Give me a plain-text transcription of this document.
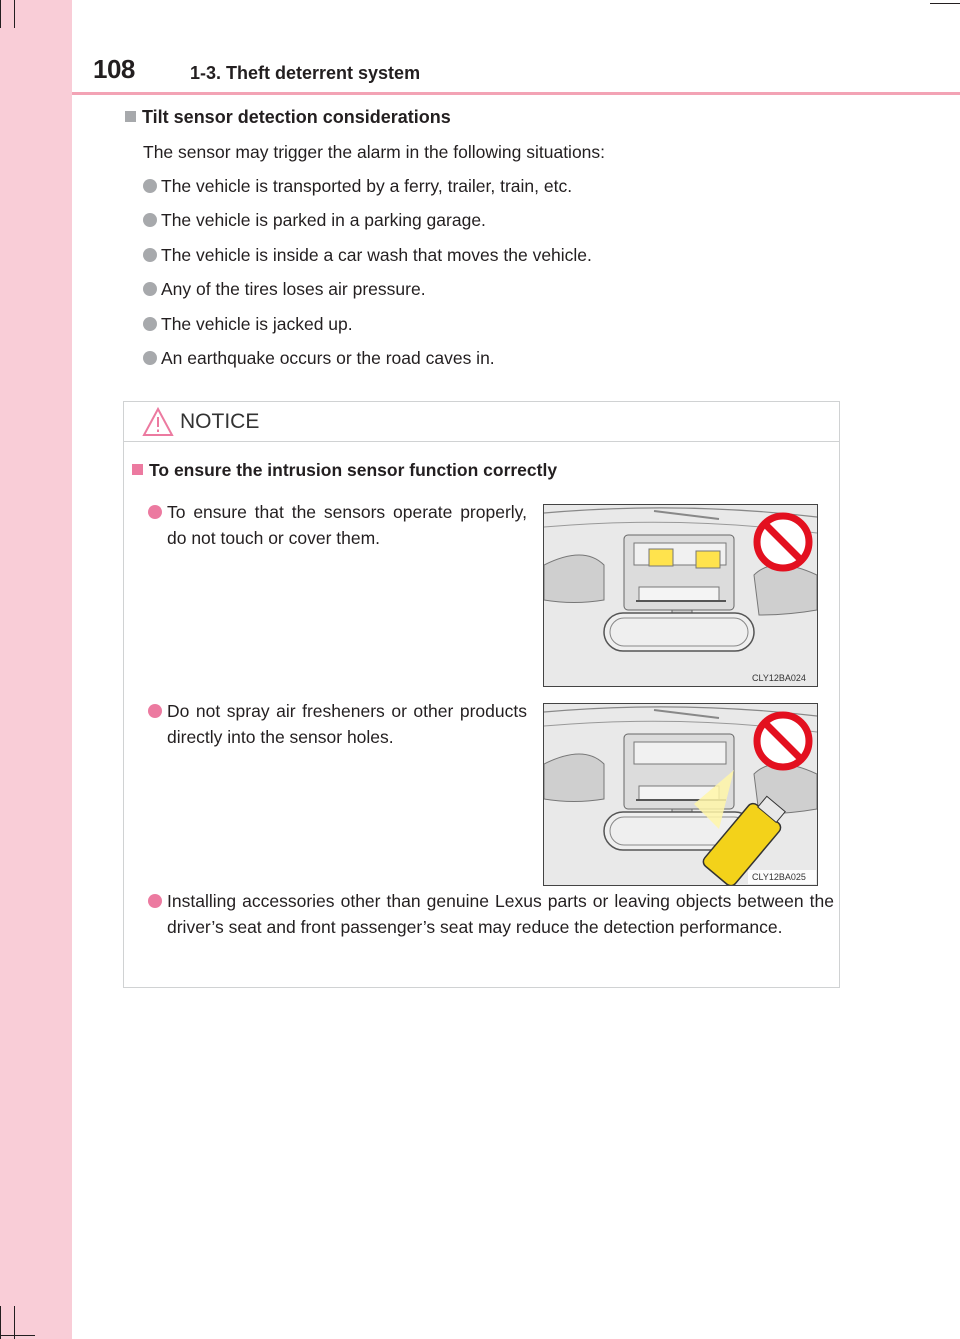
108	1-3. Theft deterrent system
Tilt sensor detection considerations
The sensor may trigger the alarm in the following situations:
The vehicle is transported by a ferry, trailer, train, etc.
The vehicle is parked in a parking garage.
The vehicle is inside a car wash that moves the vehicle.
Any of the tires loses air pressure.
The vehicle is jacked up.
An earthquake occurs or the road caves in.
NOTICE
To ensure the intrusion sensor function correctly
To ensure that the sensors operate properly, do not touch or cover them.
CLY12BA024
Do not spray air fresheners or other products directly into the sensor holes.
CLY12BA025
Installing accessories other than genuine Lexus parts or leaving objects between the driver’s seat and front passenger’s seat may reduce the detection performance.
